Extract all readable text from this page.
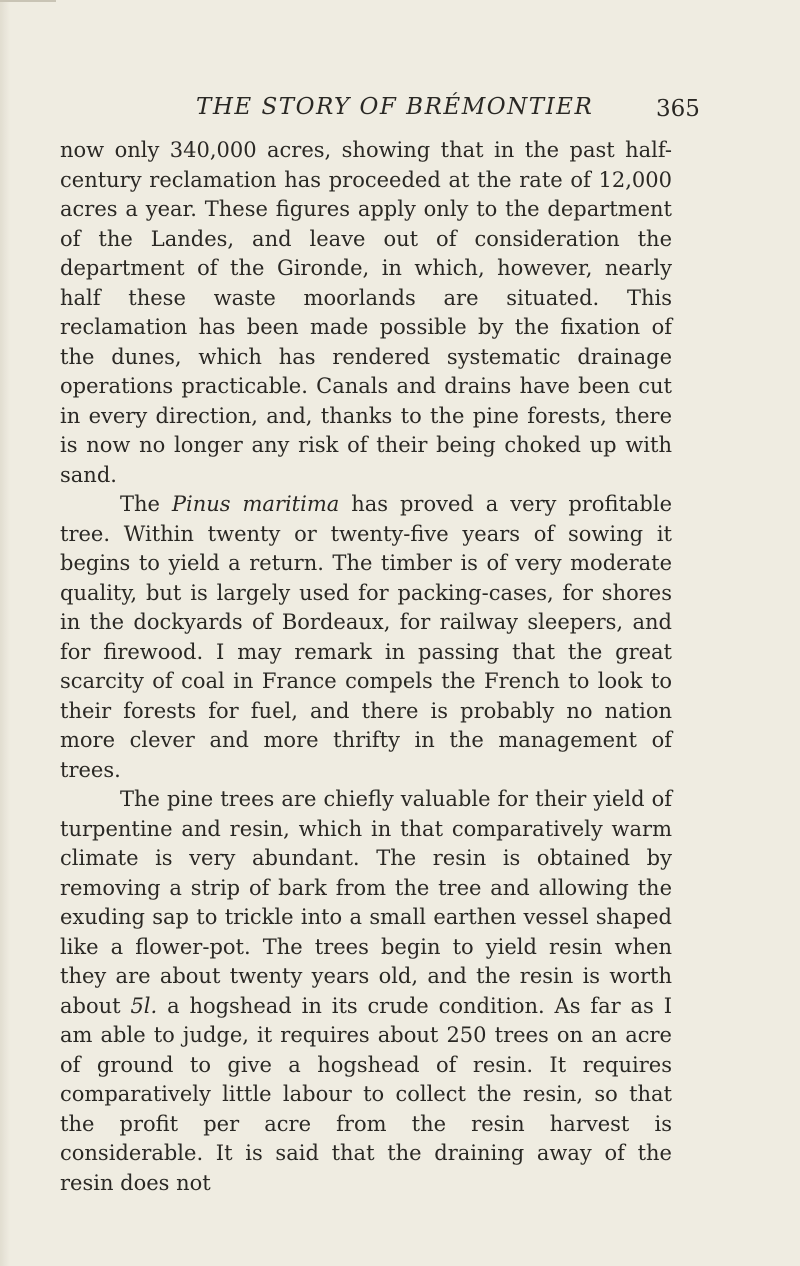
THE STORY OF BRÉMONTIER	365

now only 340,000 acres, showing that in the past half-century reclamation has proceeded at the rate of 12,000 acres a year. These figures apply only to the department of the Landes, and leave out of consideration the department of the Gironde, in which, however, nearly half these waste moorlands are situated. This reclamation has been made possible by the fixation of the dunes, which has rendered systematic drainage operations practicable. Canals and drains have been cut in every direction, and, thanks to the pine forests, there is now no longer any risk of their being choked up with sand.

The Pinus maritima has proved a very profitable tree. Within twenty or twenty-five years of sowing it begins to yield a return. The timber is of very moderate quality, but is largely used for packing-cases, for shores in the dockyards of Bordeaux, for railway sleepers, and for firewood. I may remark in passing that the great scarcity of coal in France compels the French to look to their forests for fuel, and there is probably no nation more clever and more thrifty in the management of trees.

The pine trees are chiefly valuable for their yield of turpentine and resin, which in that comparatively warm climate is very abundant. The resin is obtained by removing a strip of bark from the tree and allowing the exuding sap to trickle into a small earthen vessel shaped like a flower-pot. The trees begin to yield resin when they are about twenty years old, and the resin is worth about 5l. a hogshead in its crude condition. As far as I am able to judge, it requires about 250 trees on an acre of ground to give a hogshead of resin. It requires comparatively little labour to collect the resin, so that the profit per acre from the resin harvest is considerable. It is said that the draining away of the resin does not
